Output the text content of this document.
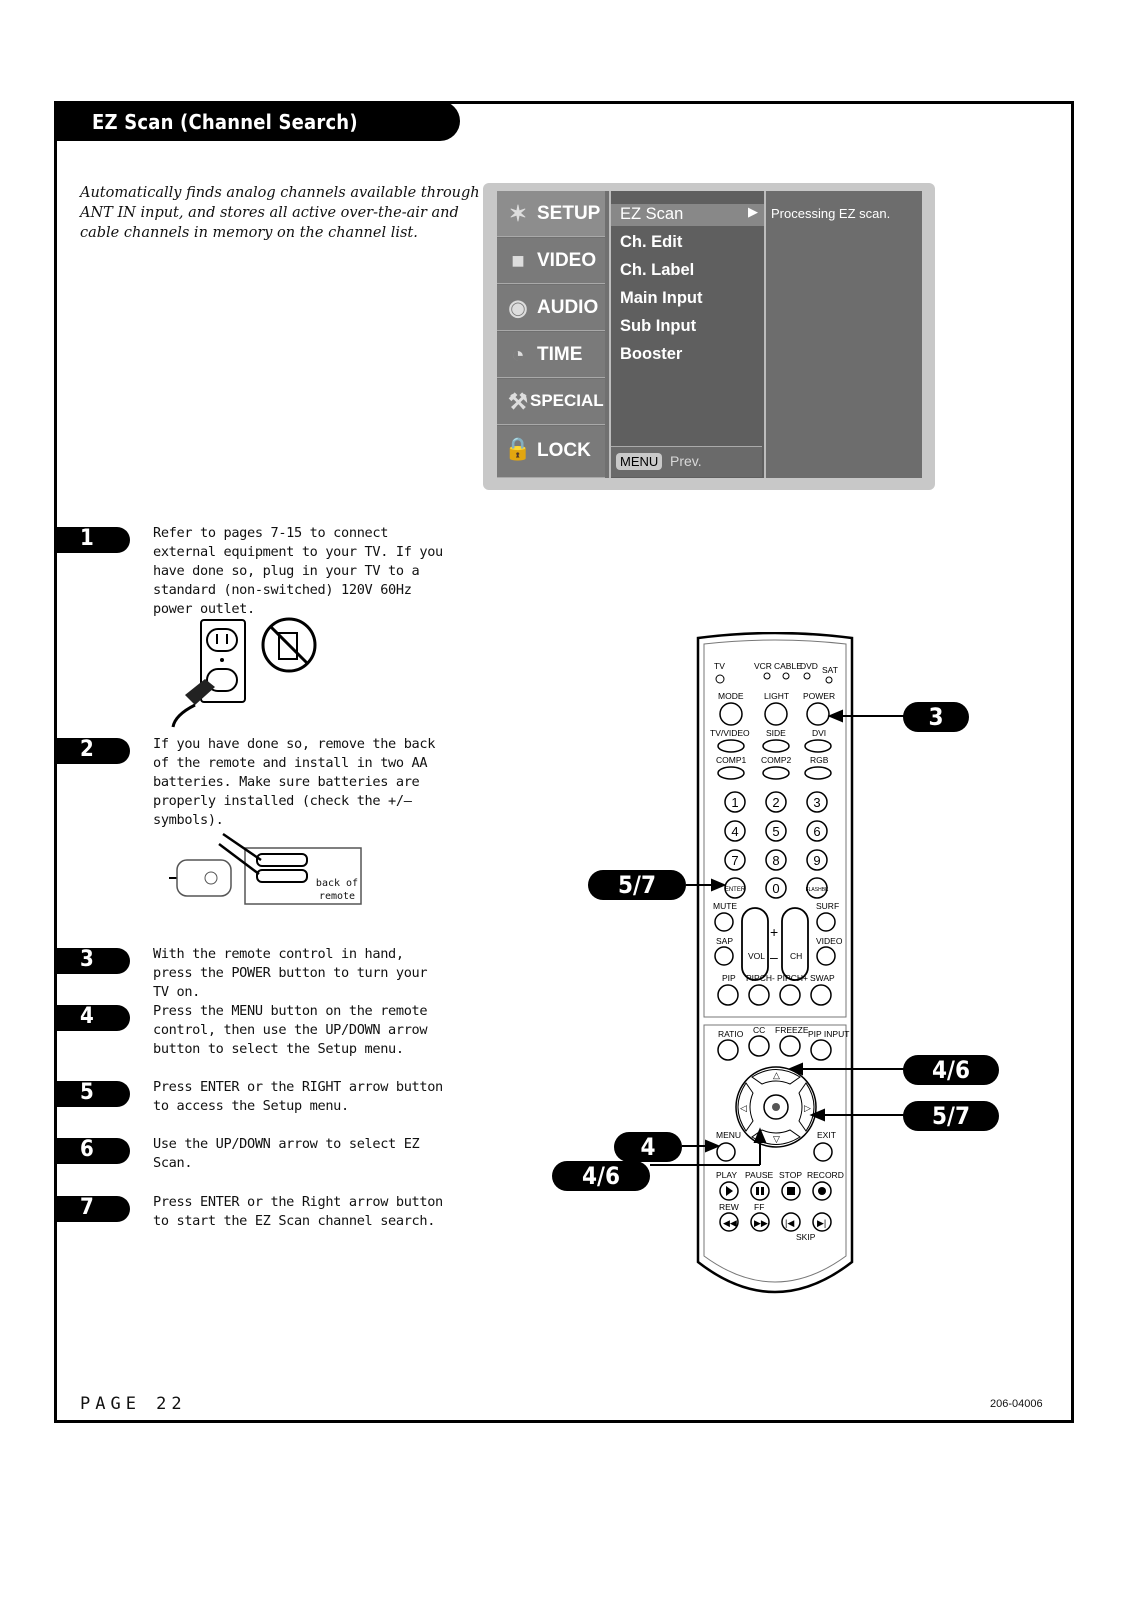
EZ Scan (Channel Search)
Automatically finds analog channels available through ANT IN input, and stores all active over-the-air and cable channels in memory on the channel list.
✶ SETUP
■ VIDEO
◉ AUDIO
◔ TIME
⚒ SPECIAL
🔒 LOCK
EZ Scan
Ch. Edit
Ch. Label
Main Input
Sub Input
Booster
▶ Processing EZ scan.
MENU Prev.
1	Refer to pages 7-15 to connect external equipment to your TV. If you have done so, plug in your TV to a standard (non-switched) 120V 60Hz power outlet.
2	If you have done so, remove the back of the remote and install in two AA batteries. Make sure batteries are properly installed (check the +/– symbols).
back of remote
3	With the remote control in hand, press the POWER button to turn your TV on.
4	Press the MENU button on the remote control, then use the UP/DOWN arrow button to select the Setup menu.
5	Press ENTER or the RIGHT arrow button to access the Setup menu.
6	Use the UP/DOWN arrow to select EZ Scan.
7	Press ENTER or the Right arrow button to start the EZ Scan channel search.
TV	VCR CABLE
DVD SAT
MODE LIGHT POWER
TV/VIDEO SIDE	DVI
COMP1 COMP2 RGB
1	2	3
4	5	6
7	8	9
ENTER 0	FLASHBK
MUTE	SURF
SAP	VIDEO
VOL	CH
+
–
PIP PIPCH- PIPCH+ SWAP
RATIO CC FREEZE PIP INPUT
△
▽
◁	▷
MENU	EXIT
PLAY PAUSE STOP RECORD
REW FF
◀◀ ▶▶ |◀	▶|
SKIP
3
5/7
4/6
5/7
4
4/6
PAGE 22	206-04006
